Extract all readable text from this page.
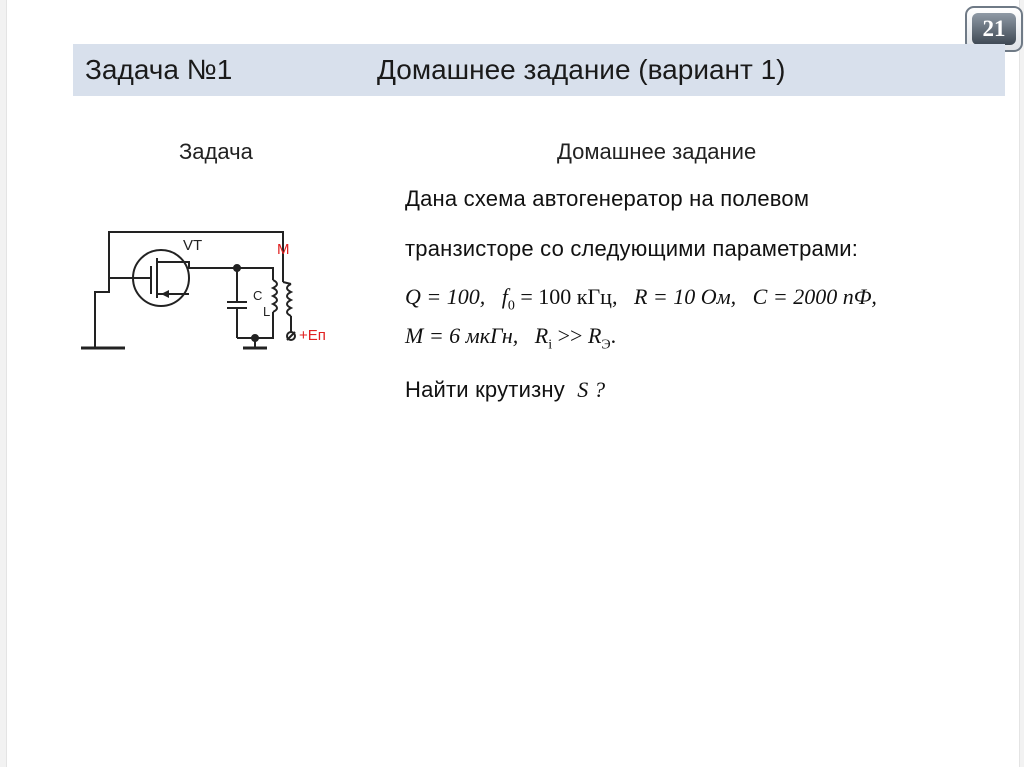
21
Задача №1	Домашнее задание (вариант 1)
Задача	Домашнее задание
Дана схема автогенератор на полевом
транзисторе со следующими параметрами:
Q = 100, $f_0 = 100$ кГц, R = 10 Ом, C = 2000 пФ,
M = 6 мкГн, $R_i >> R_Э$.
Найти крутизну S ?
VT	M
C
L
+Eп
